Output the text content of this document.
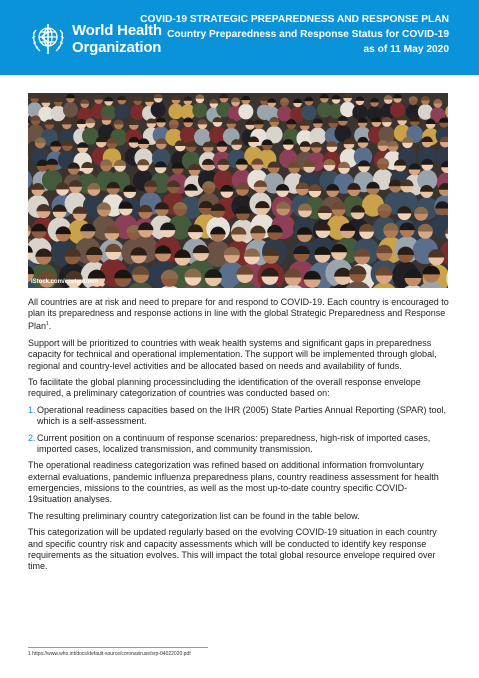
World Health
Organization
COVID-19 STRATEGIC PREPAREDNESS AND RESPONSE PLAN
Country Preparedness and Response Status for COVID-19
as of 11 May 2020
iStock.com/czetgutmen

All countries are at risk and need to prepare for and respond to COVID-19. Each country is encouraged to plan its preparedness and response actions in line with the global Strategic Preparedness and Response Plan$^1$.

Support will be prioritized to countries with weak health systems and significant gaps in preparedness capacity for technical and operational implementation. The support will be implemented through global, regional and country-level activities and be allocated based on needs and availability of funds.

To facilitate the global planning processincluding the identification of the overall response envelope required, a preliminary categorization of countries was conducted based on:

1. Operational readiness capacities based on the IHR (2005) State Parties Annual Reporting (SPAR) tool, which is a self-assessment.
2. Current position on a continuum of response scenarios: preparedness, high-risk of imported cases, imported cases, localized transmission, and community transmission.

The operational readiness categorization was refined based on additional information fromvoluntary external evaluations, pandemic influenza preparedness plans, country readiness assessment for health emergencies, missions to the countries, as well as the most up-to-date country specific COVID-19situation analyses.

The resulting preliminary country categorization list can be found in the table below.

This categorization will be updated regularly based on the evolving COVID-19 situation in each country and specific country risk and capacity assessments which will be conducted to identify key response requirements as the situation evolves. This will impact the total global resource envelope required over time.

1 https://www.who.int/docs/default-source/coronaviruse/srp-04022020.pdf
